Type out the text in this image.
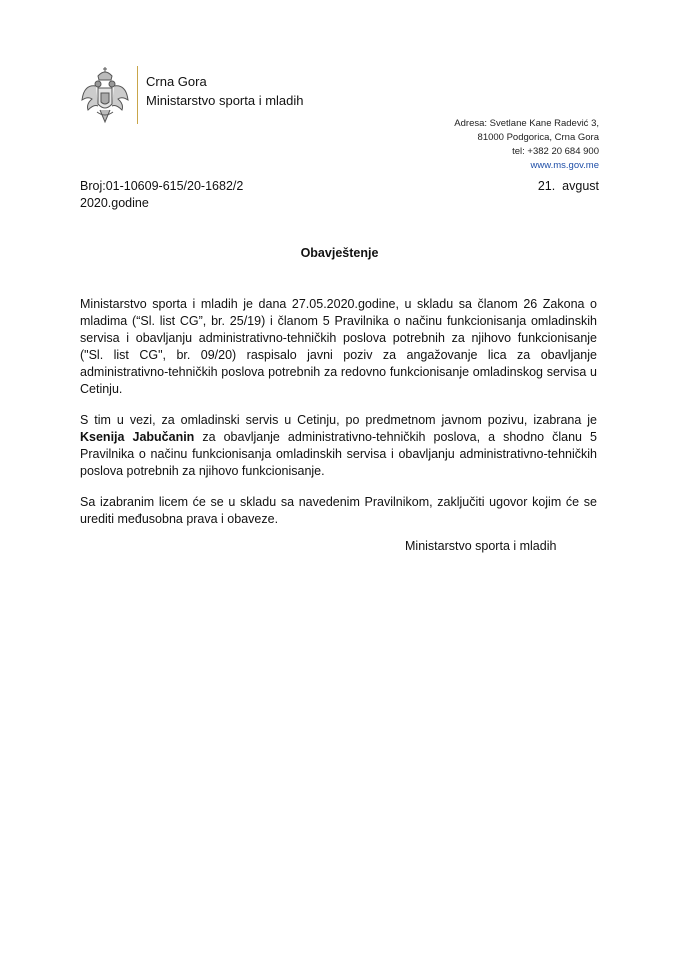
Crna Gora
Ministarstvo sporta i mladih
Adresa: Svetlane Kane Radević 3,
81000 Podgorica, Crna Gora
tel: +382 20 684 900
www.ms.gov.me
Broj:01-10609-615/20-1682/2
2020.godine
21.  avgust
Obavještenje

Ministarstvo sporta i mladih je dana 27.05.2020.godine, u skladu sa članom 26 Zakona o mladima (“Sl. list CG”, br. 25/19) i članom 5 Pravilnika o načinu funkcionisanja omladinskih servisa i obavljanju administrativno-tehničkih poslova potrebnih za njihovo funkcionisanje ("Sl. list CG", br. 09/20) raspisalo javni poziv za angažovanje lica za obavljanje administrativno-tehničkih poslova potrebnih za redovno funkcionisanje omladinskog servisa u Cetinju.

S tim u vezi, za omladinski servis u Cetinju, po predmetnom javnom pozivu, izabrana je Ksenija Jabučanin za obavljanje administrativno-tehničkih poslova, a shodno članu 5 Pravilnika o načinu funkcionisanja omladinskih servisa i obavljanju administrativno-tehničkih poslova potrebnih za njihovo funkcionisanje.

Sa izabranim licem će se u skladu sa navedenim Pravilnikom, zaključiti ugovor kojim će se urediti međusobna prava i obaveze.

Ministarstvo sporta i mladih
